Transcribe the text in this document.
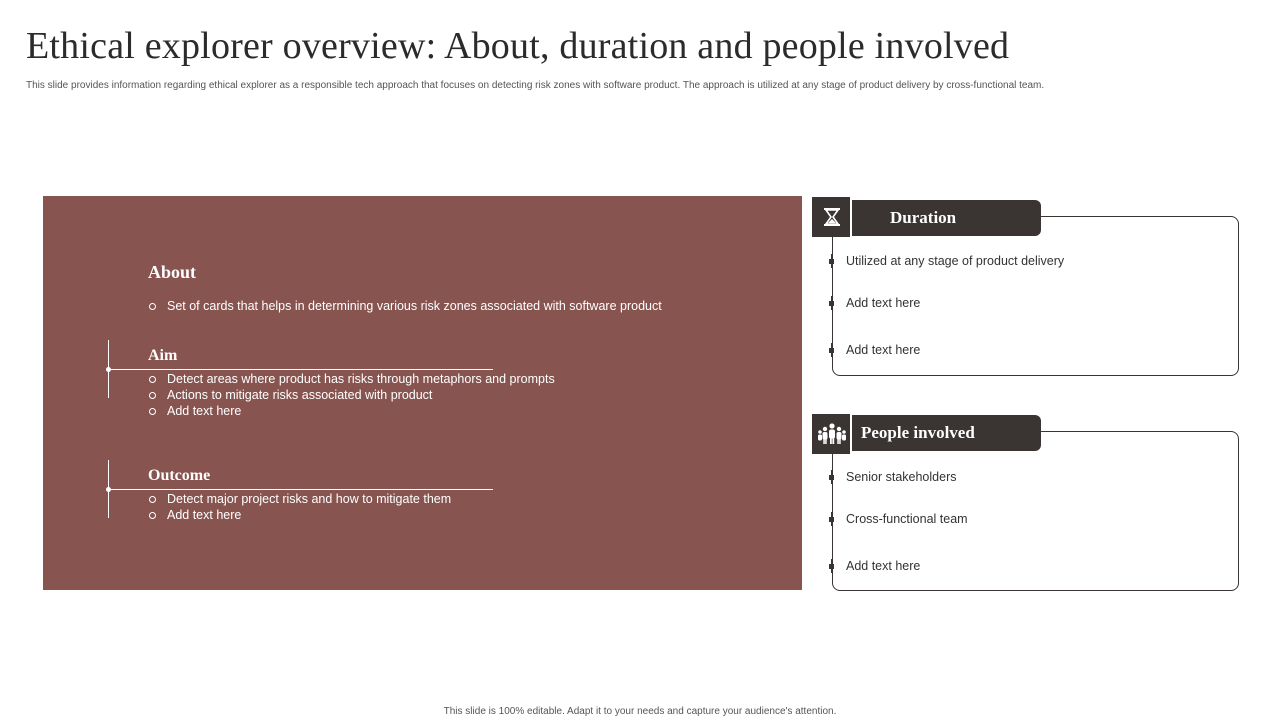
Ethical explorer overview: About, duration and people involved
This slide provides information regarding ethical explorer as a responsible tech approach that focuses on detecting risk zones with software product. The approach is utilized at any stage of product delivery by cross-functional team.
About
Set of cards that helps in determining various risk zones associated with software product
Aim
Detect areas where product has risks through metaphors and prompts
Actions to mitigate risks associated with product
Add text here
Outcome
Detect major project risks and how to mitigate them
Add text here
Duration
Utilized at any stage of product delivery
Add text here
Add text here
People involved
Senior stakeholders
Cross-functional team
Add text here
This slide is 100% editable. Adapt it to your needs and capture your audience's attention.
